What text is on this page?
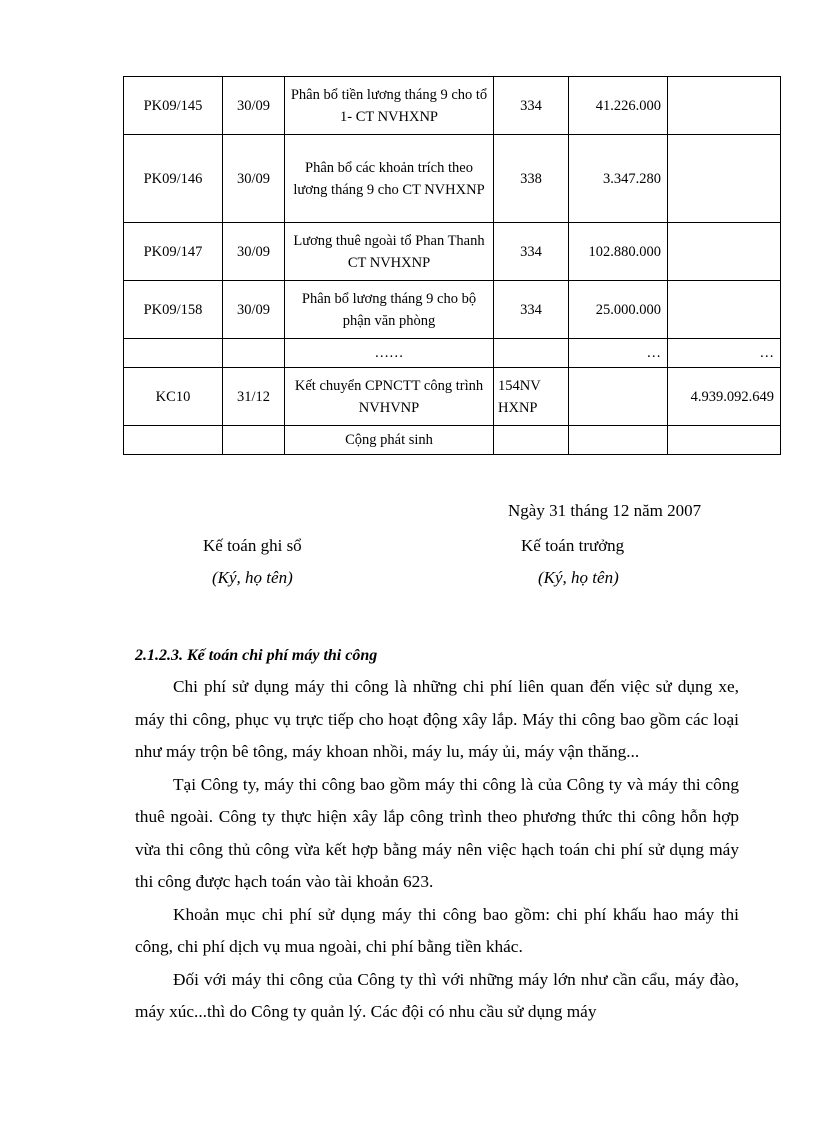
PK09/145	30/09	Phân bổ tiền lương tháng 9 cho tổ 1- CT NVHXNP	334	41.226.000	
PK09/146	30/09	Phân bổ các khoản trích theo lương tháng 9 cho CT NVHXNP	338	3.347.280	
PK09/147	30/09	Lương thuê ngoài tổ Phan Thanh CT NVHXNP	334	102.880.000	
PK09/158	30/09	Phân bổ lương tháng 9 cho bộ phận văn phòng	334	25.000.000	
		……		…	…
KC10	31/12	Kết chuyển CPNCTT công trình NVHVNP	154NV HXNP		4.939.092.649
		Cộng phát sinh			
Ngày 31 tháng 12 năm 2007
Kế toán ghi sổ
(Ký, họ tên)
Kế toán trưởng
(Ký, họ tên)
2.1.2.3. Kế toán chi phí máy thi công

Chi phí sử dụng máy thi công là những chi phí liên quan đến việc sử dụng xe, máy thi công, phục vụ trực tiếp cho hoạt động xây lắp. Máy thi công bao gồm các loại như máy trộn bê tông, máy khoan nhồi, máy lu, máy ủi, máy vận thăng...

Tại Công ty, máy thi công bao gồm máy thi công là của Công ty và máy thi công thuê ngoài. Công ty thực hiện xây lắp công trình theo phương thức thi công hỗn hợp vừa thi công thủ công vừa kết hợp bằng máy nên việc hạch toán chi phí sử dụng máy thi công được hạch toán vào tài khoản 623.

Khoản mục chi phí sử dụng máy thi công bao gồm: chi phí khấu hao máy thi công, chi phí dịch vụ mua ngoài, chi phí bằng tiền khác.

Đối với máy thi công của Công ty thì với những máy lớn như cần cẩu, máy đào, máy xúc...thì do Công ty quản lý. Các đội có nhu cầu sử dụng máy
